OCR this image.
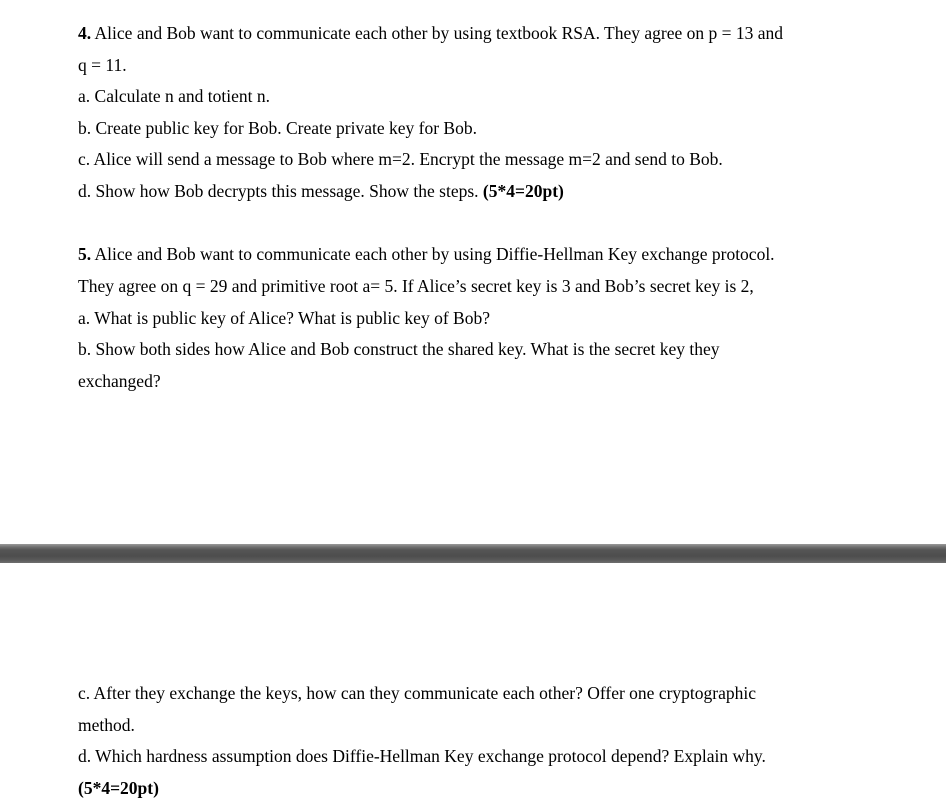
4. Alice and Bob want to communicate each other by using textbook RSA. They agree on p = 13 and
q = 11.
a. Calculate n and totient n.
b. Create public key for Bob. Create private key for Bob.
c. Alice will send a message to Bob where m=2. Encrypt the message m=2 and send to Bob.
d. Show how Bob decrypts this message. Show the steps. (5*4=20pt)
5. Alice and Bob want to communicate each other by using Diffie-Hellman Key exchange protocol.
They agree on q = 29 and primitive root a= 5. If Alice’s secret key is 3 and Bob’s secret key is 2,
a. What is public key of Alice? What is public key of Bob?
b. Show both sides how Alice and Bob construct the shared key. What is the secret key they
exchanged?
c. After they exchange the keys, how can they communicate each other? Offer one cryptographic
method.
d. Which hardness assumption does Diffie-Hellman Key exchange protocol depend? Explain why.
(5*4=20pt)
